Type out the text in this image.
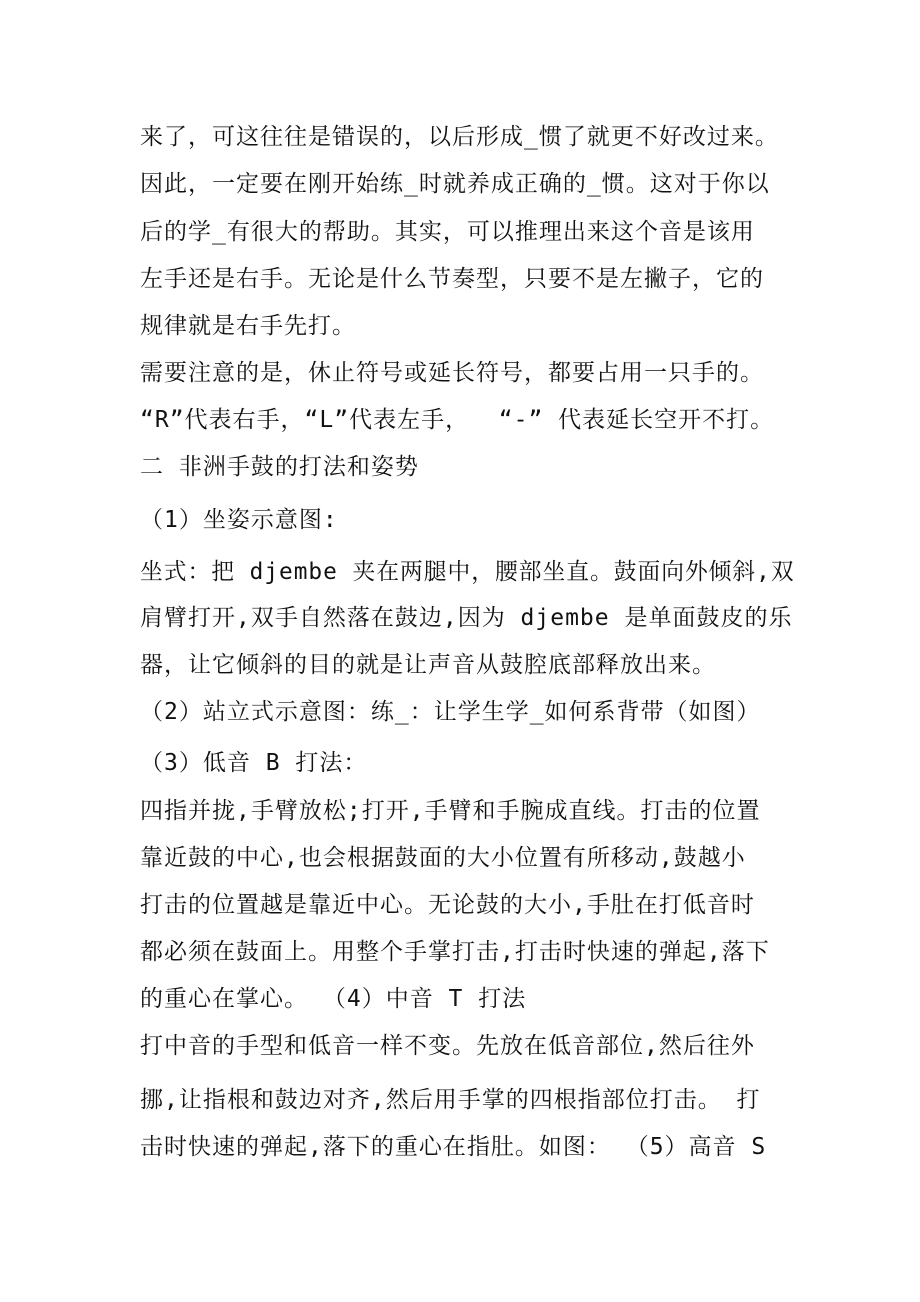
来了，可这往往是错误的，以后形成_惯了就更不好改过来。
因此，一定要在刚开始练_时就养成正确的_惯。这对于你以
后的学_有很大的帮助。其实，可以推理出来这个音是该用
左手还是右手。无论是什么节奏型，只要不是左撇子，它的
规律就是右手先打。
需要注意的是，休止符号或延长符号，都要占用一只手的。
“R”代表右手，“L”代表左手，  “-” 代表延长空开不打。
二 非洲手鼓的打法和姿势
（1）坐姿示意图:
坐式：把 djembe 夹在两腿中，腰部坐直。鼓面向外倾斜,双
肩臂打开,双手自然落在鼓边,因为 djembe 是单面鼓皮的乐
器，让它倾斜的目的就是让声音从鼓腔底部释放出来。
（2）站立式示意图：练_：让学生学_如何系背带（如图）
（3）低音 B 打法：
四指并拢,手臂放松;打开,手臂和手腕成直线。打击的位置
靠近鼓的中心,也会根据鼓面的大小位置有所移动,鼓越小
打击的位置越是靠近中心。无论鼓的大小,手肚在打低音时
都必须在鼓面上。用整个手掌打击,打击时快速的弹起,落下
的重心在掌心。 （4）中音 T 打法
打中音的手型和低音一样不变。先放在低音部位,然后往外
挪,让指根和鼓边对齐,然后用手掌的四根指部位打击。 打
击时快速的弹起,落下的重心在指肚。如图： （5）高音 S
